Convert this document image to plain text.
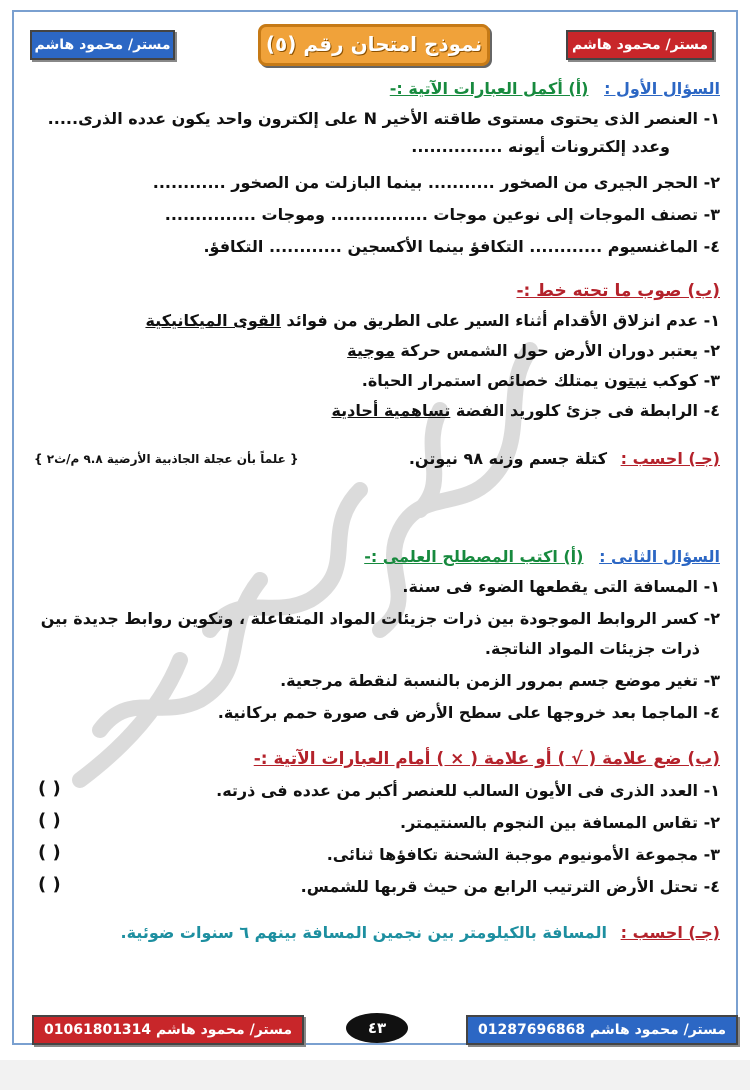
مستر/ محمود هاشم	مستر/ محمود هاشم
نموذج امتحان رقم (٥)
السؤال الأول : (أ) أكمل العبارات الآتية :-
١- العنصر الذى يحتوى مستوى طاقته الأخير N على إلكترون واحد يكون عدده الذرى.....
وعدد إلكترونات أيونه ...............
٢- الحجر الجيرى من الصخور ........... بينما البازلت من الصخور ............
٣- تصنف الموجات إلى نوعين موجات ................ وموجات ...............
٤- الماغنسيوم ............ التكافؤ بينما الأكسجين ............ التكافؤ.
(ب) صوب ما تحته خط :-
١- عدم انزلاق الأقدام أثناء السير على الطريق من فوائد القوى الميكانيكية
٢- يعتبر دوران الأرض حول الشمس حركة موجية
٣- كوكب نبتون يمتلك خصائص استمرار الحياة.
٤- الرابطة فى جزئ كلوريد الفضة تساهمية أحادية
(جـ) احسب : كتلة جسم وزنه ٩٨ نيوتن.
{ علماً بأن عجلة الجاذبية الأرضية ٩.٨ م/ث٢ }
السؤال الثانى : (أ) اكتب المصطلح العلمى :-
١- المسافة التى يقطعها الضوء فى سنة.
٢- كسر الروابط الموجودة بين ذرات جزيئات المواد المتفاعلة ، وتكوين روابط جديدة بين
ذرات جزيئات المواد الناتجة.
٣- تغير موضع جسم بمرور الزمن بالنسبة لنقطة مرجعية.
٤- الماجما بعد خروجها على سطح الأرض فى صورة حمم بركانية.
(ب) ضع علامة ( √ ) أو علامة ( × ) أمام العبارات الآتية :-
١- العدد الذرى فى الأيون السالب للعنصر أكبر من عدده فى ذرته.
( )
٢- تقاس المسافة بين النجوم بالسنتيمتر.
( )
٣- مجموعة الأمونيوم موجبة الشحنة تكافؤها ثنائى.
( )
٤- تحتل الأرض الترتيب الرابع من حيث قربها للشمس.
( )
(جـ) احسب : المسافة بالكيلومتر بين نجمين المسافة بينهم ٦ سنوات ضوئية.
مستر/ محمود هاشم 01061801314	٤٣	مستر/ محمود هاشم 01287696868
